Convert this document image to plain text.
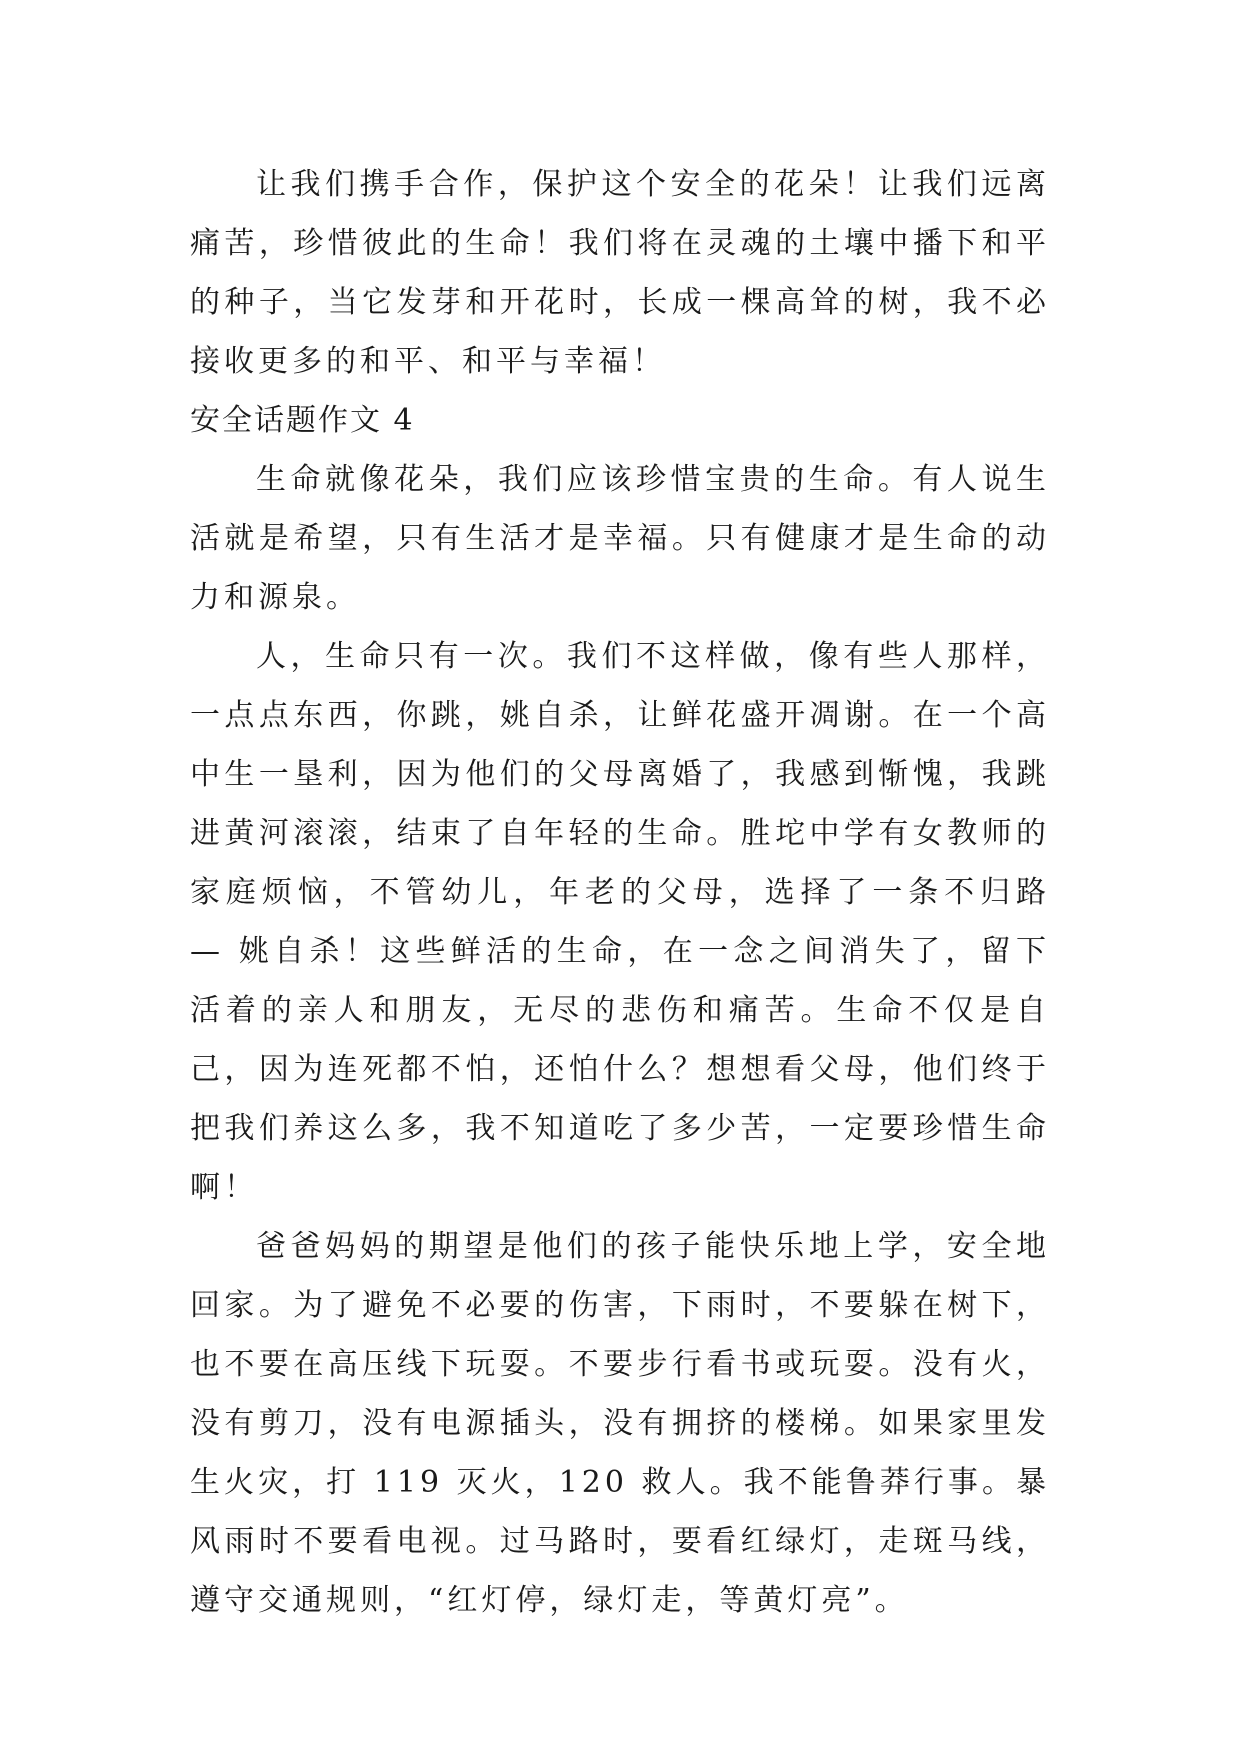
让我们携手合作，保护这个安全的花朵！让我们远离痛苦，珍惜彼此的生命！我们将在灵魂的土壤中播下和平的种子，当它发芽和开花时，长成一棵高耸的树，我不必接收更多的和平、和平与幸福！

安全话题作文 4

生命就像花朵，我们应该珍惜宝贵的生命。有人说生活就是希望，只有生活才是幸福。只有健康才是生命的动力和源泉。

人，生命只有一次。我们不这样做，像有些人那样，一点点东西，你跳，姚自杀，让鲜花盛开凋谢。在一个高中生一垦利，因为他们的父母离婚了，我感到惭愧，我跳进黄河滚滚，结束了自年轻的生命。胜坨中学有女教师的家庭烦恼，不管幼儿，年老的父母，选择了一条不归路 — 姚自杀！这些鲜活的生命，在一念之间消失了，留下活着的亲人和朋友，无尽的悲伤和痛苦。生命不仅是自己，因为连死都不怕，还怕什么？想想看父母，他们终于把我们养这么多，我不知道吃了多少苦，一定要珍惜生命啊！

爸爸妈妈的期望是他们的孩子能快乐地上学，安全地回家。为了避免不必要的伤害，下雨时，不要躲在树下，也不要在高压线下玩耍。不要步行看书或玩耍。没有火，没有剪刀，没有电源插头，没有拥挤的楼梯。如果家里发生火灾，打 119 灭火，120 救人。我不能鲁莽行事。暴风雨时不要看电视。过马路时，要看红绿灯，走斑马线，遵守交通规则，“红灯停，绿灯走，等黄灯亮”。
